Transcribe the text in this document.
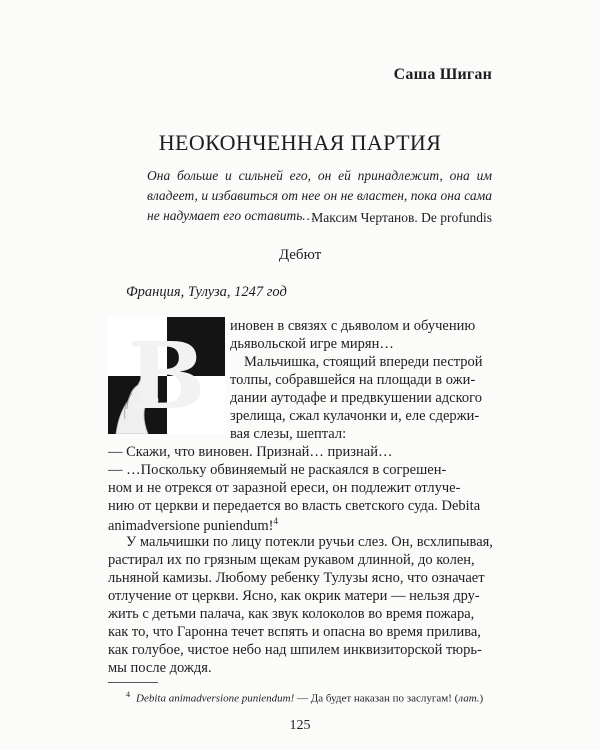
Саша Шиган
НЕОКОНЧЕННАЯ ПАРТИЯ
Она больше и сильней его, он ей принадлежит, она им владеет, и избавиться от нее он не властен, пока она сама не надумает его оставить…
Максим Чертанов. De profundis
Дебют
Франция, Тулуза, 1247 год
В	иновен в связях с дьяволом и обучению
дьявольской игре мирян…
Мальчишка, стоящий впереди пестрой
толпы, собравшейся на площади в ожи-
дании аутодафе и предвкушении адского
зрелища, сжал кулачонки и, еле сдержи-
вая слезы, шептал:
— Скажи, что виновен. Признай… признай…
— …Поскольку обвиняемый не раскаялся в согрешен-
ном и не отрекся от заразной ереси, он подлежит отлуче-
нию от церкви и передается во власть светского суда. Debita
animadversione puniendum!$^4$
У мальчишки по лицу потекли ручьи слез. Он, всхлипывая,
растирал их по грязным щекам рукавом длинной, до колен,
льняной камизы. Любому ребенку Тулузы ясно, что означает
отлучение от церкви. Ясно, как окрик матери — нельзя дру-
жить с детьми палача, как звук колоколов во время пожара,
как то, что Гаронна течет вспять и опасна во время прилива,
как голубое, чистое небо над шпилем инквизиторской тюрь-
мы после дождя.
$^4$ Debita animadversione puniendum! — Да будет наказан по заслугам! (лат.)
125
